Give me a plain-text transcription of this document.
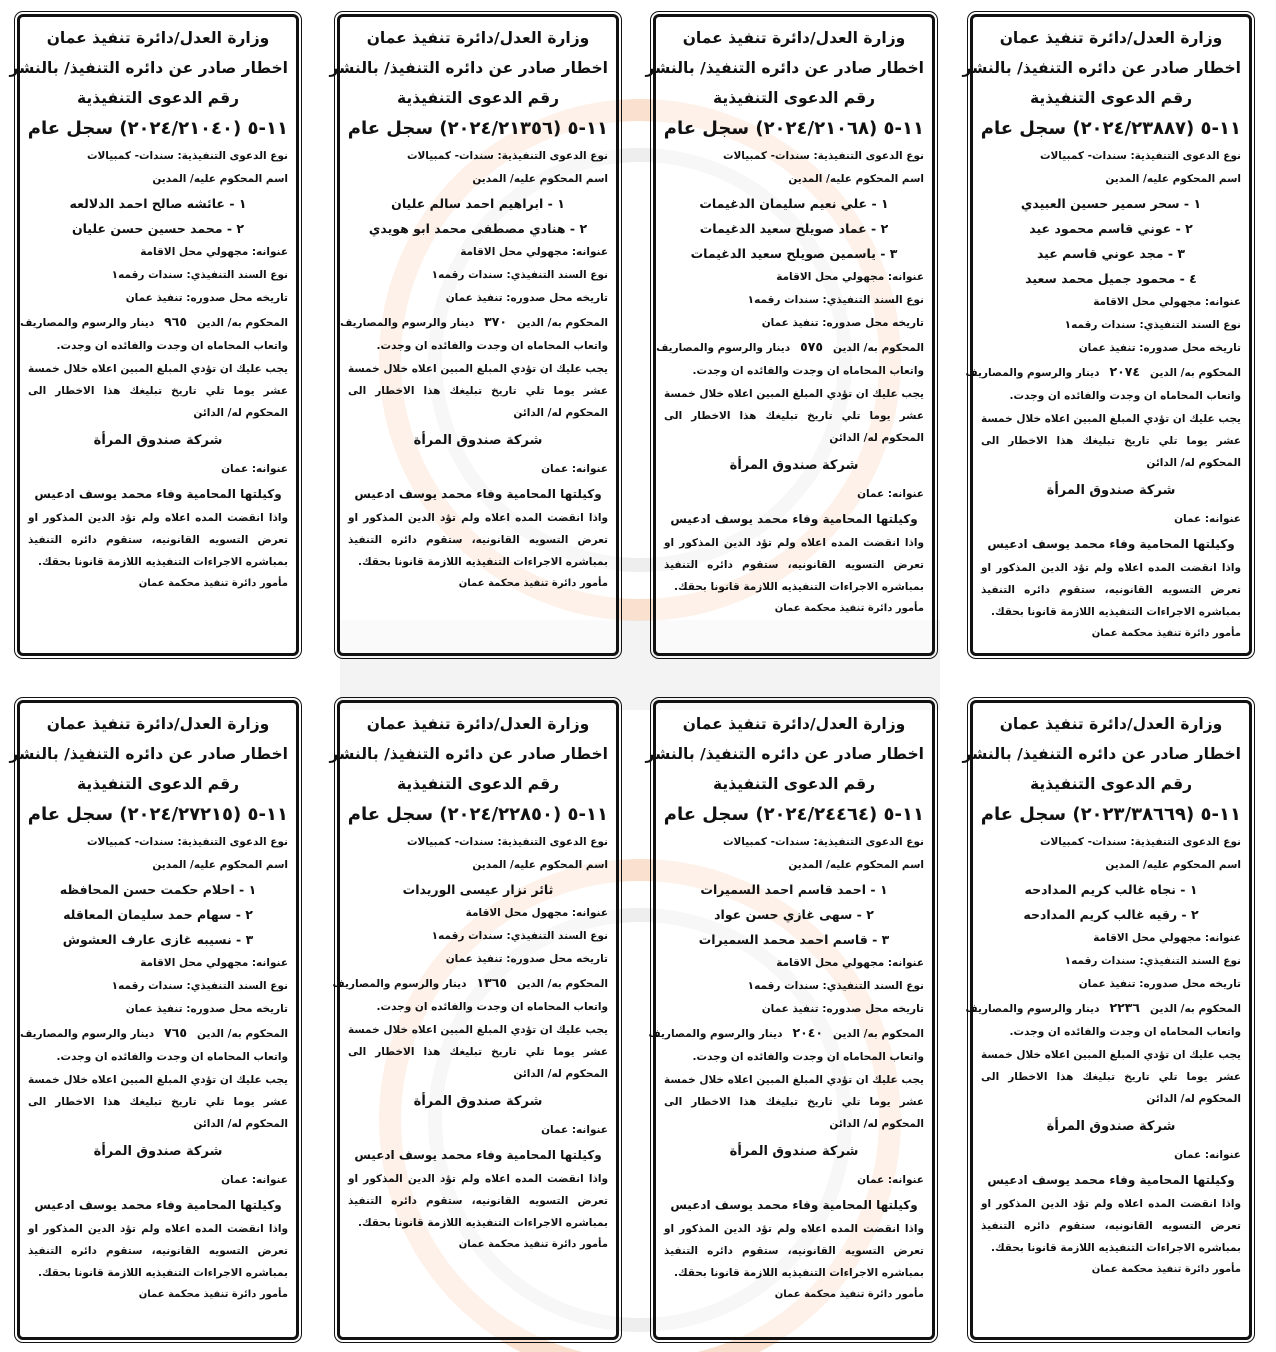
وزارة العدل/دائرة تنفيذ عمان
اخطار صادر عن دائره التنفيذ/ بالنشر
رقم الدعوى التنفيذية
١١-٥ (٢٠٢٤/٢٣٨٨٧) سجل عام
نوع الدعوى التنفيذية: سندات- كمبيالات
اسم المحكوم عليه/ المدين
١ - سحر سمير حسين العبيدي
٢ - عوني قاسم محمود عيد
٣ - مجد عوني قاسم عيد
٤ - محمود جميل محمد سعيد
عنوانه: مجهولي محل الاقامة
نوع السند التنفيذي: سندات رقمه١
تاريخه محل صدوره: تنفيذ عمان
المحكوم به/ الدين٢٠٧٤دينار والرسوم والمصاريف
واتعاب المحاماه ان وجدت والفائده ان وجدت.
يجب عليك ان تؤدي المبلغ المبين اعلاه خلال خمسة عشر يوما تلي تاريخ تبليغك هذا الاخطار الى المحكوم له/ الدائن
شركة صندوق المرأة
عنوانه: عمان
وكيلتها المحامية وفاء محمد يوسف ادعيس
واذا انقضت المده اعلاه ولم تؤد الدين المذكور او تعرض التسويه القانونيه، ستقوم دائره التنفيذ بمباشره الاجراءات التنفيذيه اللازمة قانونا بحقك.
مأمور دائرة تنفيذ محكمة عمان
وزارة العدل/دائرة تنفيذ عمان
اخطار صادر عن دائره التنفيذ/ بالنشر
رقم الدعوى التنفيذية
١١-٥ (٢٠٢٤/٢١٠٦٨) سجل عام
نوع الدعوى التنفيذية: سندات- كمبيالات
اسم المحكوم عليه/ المدين
١ - علي نعيم سليمان الدغيمات
٢ - عماد صويلح سعيد الدغيمات
٣ - ياسمين صويلح سعيد الدغيمات
عنوانه: مجهولي محل الاقامة
نوع السند التنفيذي: سندات رقمه١
تاريخه محل صدوره: تنفيذ عمان
المحكوم به/ الدين٥٧٥دينار والرسوم والمصاريف
واتعاب المحاماه ان وجدت والفائده ان وجدت.
يجب عليك ان تؤدي المبلغ المبين اعلاه خلال خمسة عشر يوما تلي تاريخ تبليغك هذا الاخطار الى المحكوم له/ الدائن
شركة صندوق المرأة
عنوانه: عمان
وكيلتها المحامية وفاء محمد يوسف ادعيس
واذا انقضت المده اعلاه ولم تؤد الدين المذكور او تعرض التسويه القانونيه، ستقوم دائره التنفيذ بمباشره الاجراءات التنفيذيه اللازمة قانونا بحقك.
مأمور دائرة تنفيذ محكمة عمان
وزارة العدل/دائرة تنفيذ عمان
اخطار صادر عن دائره التنفيذ/ بالنشر
رقم الدعوى التنفيذية
١١-٥ (٢٠٢٤/٢١٣٥٦) سجل عام
نوع الدعوى التنفيذية: سندات- كمبيالات
اسم المحكوم عليه/ المدين
١ - ابراهيم احمد سالم عليان
٢ - هنادي مصطفى محمد ابو هويدي
عنوانه: مجهولي محل الاقامة
نوع السند التنفيذي: سندات رقمه١
تاريخه محل صدوره: تنفيذ عمان
المحكوم به/ الدين٣٧٠دينار والرسوم والمصاريف
واتعاب المحاماه ان وجدت والفائده ان وجدت.
يجب عليك ان تؤدي المبلغ المبين اعلاه خلال خمسة عشر يوما تلي تاريخ تبليغك هذا الاخطار الى المحكوم له/ الدائن
شركة صندوق المرأة
عنوانه: عمان
وكيلتها المحامية وفاء محمد يوسف ادعيس
واذا انقضت المده اعلاه ولم تؤد الدين المذكور او تعرض التسويه القانونيه، ستقوم دائره التنفيذ بمباشره الاجراءات التنفيذيه اللازمة قانونا بحقك.
مأمور دائرة تنفيذ محكمة عمان
وزارة العدل/دائرة تنفيذ عمان
اخطار صادر عن دائره التنفيذ/ بالنشر
رقم الدعوى التنفيذية
١١-٥ (٢٠٢٤/٢١٠٤٠) سجل عام
نوع الدعوى التنفيذية: سندات- كمبيالات
اسم المحكوم عليه/ المدين
١ - عائشه صالح احمد الدلالعه
٢ - محمد حسين حسن عليان
عنوانه: مجهولي محل الاقامة
نوع السند التنفيذي: سندات رقمه١
تاريخه محل صدوره: تنفيذ عمان
المحكوم به/ الدين٩٦٥دينار والرسوم والمصاريف
واتعاب المحاماه ان وجدت والفائده ان وجدت.
يجب عليك ان تؤدي المبلغ المبين اعلاه خلال خمسة عشر يوما تلي تاريخ تبليغك هذا الاخطار الى المحكوم له/ الدائن
شركة صندوق المرأة
عنوانه: عمان
وكيلتها المحامية وفاء محمد يوسف ادعيس
واذا انقضت المده اعلاه ولم تؤد الدين المذكور او تعرض التسويه القانونيه، ستقوم دائره التنفيذ بمباشره الاجراءات التنفيذيه اللازمة قانونا بحقك.
مأمور دائرة تنفيذ محكمة عمان
وزارة العدل/دائرة تنفيذ عمان
اخطار صادر عن دائره التنفيذ/ بالنشر
رقم الدعوى التنفيذية
١١-٥ (٢٠٢٣/٣٨٦٦٩) سجل عام
نوع الدعوى التنفيذية: سندات- كمبيالات
اسم المحكوم عليه/ المدين
١ - نجاه غالب كريم المدادحه
٢ - رقيه غالب كريم المدادحه
عنوانه: مجهولي محل الاقامة
نوع السند التنفيذي: سندات رقمه١
تاريخه محل صدوره: تنفيذ عمان
المحكوم به/ الدين٢٢٣٦دينار والرسوم والمصاريف
واتعاب المحاماه ان وجدت والفائده ان وجدت.
يجب عليك ان تؤدي المبلغ المبين اعلاه خلال خمسة عشر يوما تلي تاريخ تبليغك هذا الاخطار الى المحكوم له/ الدائن
شركة صندوق المرأة
عنوانه: عمان
وكيلتها المحامية وفاء محمد يوسف ادعيس
واذا انقضت المده اعلاه ولم تؤد الدين المذكور او تعرض التسويه القانونيه، ستقوم دائره التنفيذ بمباشره الاجراءات التنفيذيه اللازمة قانونا بحقك.
مأمور دائرة تنفيذ محكمة عمان
وزارة العدل/دائرة تنفيذ عمان
اخطار صادر عن دائره التنفيذ/ بالنشر
رقم الدعوى التنفيذية
١١-٥ (٢٠٢٤/٢٤٤٦٤) سجل عام
نوع الدعوى التنفيذية: سندات- كمبيالات
اسم المحكوم عليه/ المدين
١ - احمد قاسم احمد السميرات
٢ - سهى غازي حسن عواد
٣ - قاسم احمد محمد السميرات
عنوانه: مجهولي محل الاقامة
نوع السند التنفيذي: سندات رقمه١
تاريخه محل صدوره: تنفيذ عمان
المحكوم به/ الدين٢٠٤٠دينار والرسوم والمصاريف
واتعاب المحاماه ان وجدت والفائده ان وجدت.
يجب عليك ان تؤدي المبلغ المبين اعلاه خلال خمسة عشر يوما تلي تاريخ تبليغك هذا الاخطار الى المحكوم له/ الدائن
شركة صندوق المرأة
عنوانه: عمان
وكيلتها المحامية وفاء محمد يوسف ادعيس
واذا انقضت المده اعلاه ولم تؤد الدين المذكور او تعرض التسويه القانونيه، ستقوم دائره التنفيذ بمباشره الاجراءات التنفيذيه اللازمة قانونا بحقك.
مأمور دائرة تنفيذ محكمة عمان
وزارة العدل/دائرة تنفيذ عمان
اخطار صادر عن دائره التنفيذ/ بالنشر
رقم الدعوى التنفيذية
١١-٥ (٢٠٢٤/٢٢٨٥٠) سجل عام
نوع الدعوى التنفيذية: سندات- كمبيالات
اسم المحكوم عليه/ المدين
ثائر نزار عيسى الوريدات
عنوانه: مجهول محل الاقامة
نوع السند التنفيذي: سندات رقمه١
تاريخه محل صدوره: تنفيذ عمان
المحكوم به/ الدين١٣٦٥دينار والرسوم والمصاريف
واتعاب المحاماه ان وجدت والفائده ان وجدت.
يجب عليك ان تؤدي المبلغ المبين اعلاه خلال خمسة عشر يوما تلي تاريخ تبليغك هذا الاخطار الى المحكوم له/ الدائن
شركة صندوق المرأة
عنوانه: عمان
وكيلتها المحامية وفاء محمد يوسف ادعيس
واذا انقضت المده اعلاه ولم تؤد الدين المذكور او تعرض التسويه القانونيه، ستقوم دائره التنفيذ بمباشره الاجراءات التنفيذيه اللازمة قانونا بحقك.
مأمور دائرة تنفيذ محكمة عمان
وزارة العدل/دائرة تنفيذ عمان
اخطار صادر عن دائره التنفيذ/ بالنشر
رقم الدعوى التنفيذية
١١-٥ (٢٠٢٤/٢٧٢١٥) سجل عام
نوع الدعوى التنفيذية: سندات- كمبيالات
اسم المحكوم عليه/ المدين
١ - احلام حكمت حسن المحافظه
٢ - سهام حمد سليمان المعاقله
٣ - نسيبه غازى عارف العشوش
عنوانه: مجهولي محل الاقامة
نوع السند التنفيذي: سندات رقمه١
تاريخه محل صدوره: تنفيذ عمان
المحكوم به/ الدين٧٦٥دينار والرسوم والمصاريف
واتعاب المحاماه ان وجدت والفائده ان وجدت.
يجب عليك ان تؤدي المبلغ المبين اعلاه خلال خمسة عشر يوما تلي تاريخ تبليغك هذا الاخطار الى المحكوم له/ الدائن
شركة صندوق المرأة
عنوانه: عمان
وكيلتها المحامية وفاء محمد يوسف ادعيس
واذا انقضت المده اعلاه ولم تؤد الدين المذكور او تعرض التسويه القانونيه، ستقوم دائره التنفيذ بمباشره الاجراءات التنفيذيه اللازمة قانونا بحقك.
مأمور دائرة تنفيذ محكمة عمان
